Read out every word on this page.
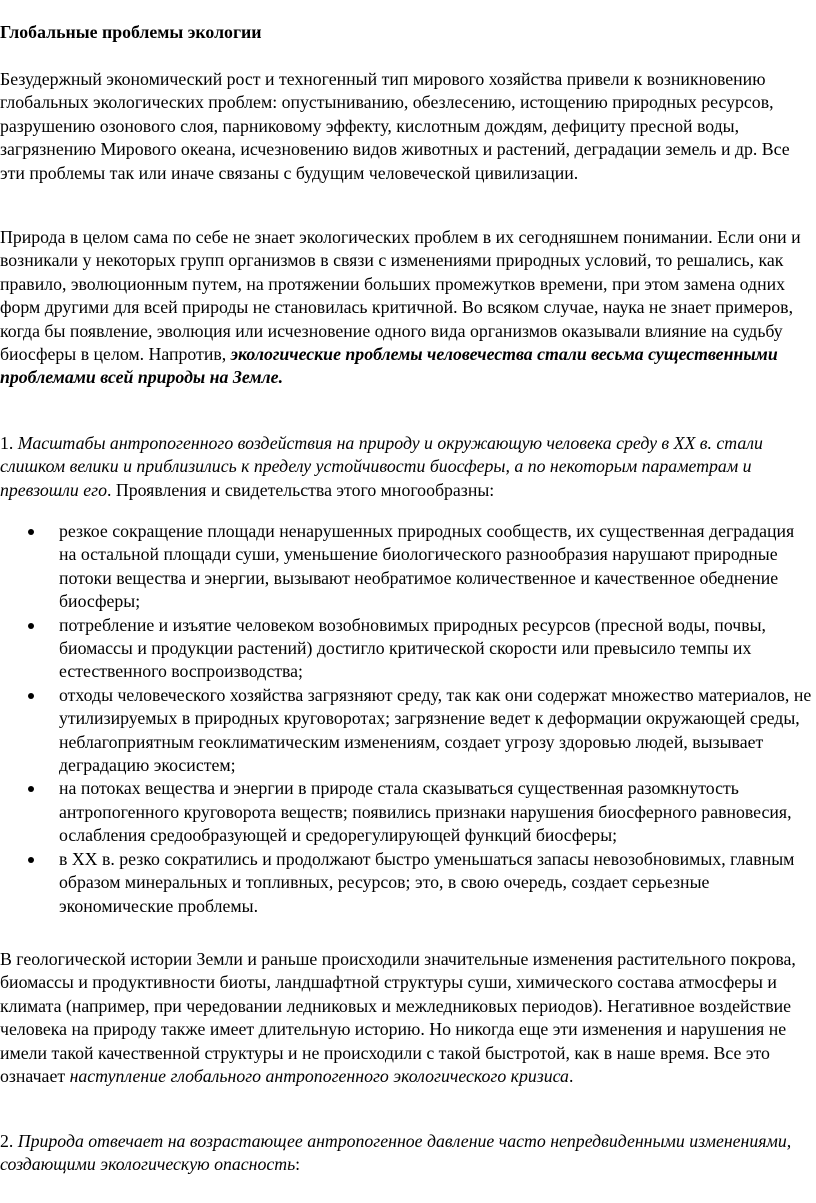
Глобальные проблемы экологии

Безудержный экономический рост и техногенный тип мирового хозяйства привели к возникновению глобальных экологических проблем: опустыниванию, обезлесению, истощению природных ресурсов, разрушению озонового слоя, парниковому эффекту, кислотным дождям, дефициту пресной воды, загрязнению Мирового океана, исчезновению видов животных и растений, деградации земель и др. Все эти проблемы так или иначе связаны с будущим человеческой цивилизации.

Природа в целом сама по себе не знает экологических проблем в их сегодняшнем понимании. Если они и возникали у некоторых групп организмов в связи с изменениями природных условий, то решались, как правило, эволюционным путем, на протяжении больших промежутков времени, при этом замена одних форм другими для всей природы не становилась критичной. Во всяком случае, наука не знает примеров, когда бы появление, эволюция или исчезновение одного вида организмов оказывали влияние на судьбу биосферы в целом. Напротив, экологические проблемы человечества стали весьма существенными проблемами всей природы на Земле.

1. Масштабы антропогенного воздействия на природу и окружающую человека среду в XX в. стали слишком велики и приблизились к пределу устойчивости биосферы, а по некоторым параметрам и превзошли его. Проявления и свидетельства этого многообразны:

резкое сокращение площади ненарушенных природных сообществ, их существенная деградация на остальной площади суши, уменьшение биологического разнообразия нарушают природные потоки вещества и энергии, вызывают необратимое количественное и качественное обеднение биосферы;
потребление и изъятие человеком возобновимых природных ресурсов (пресной воды, почвы, биомассы и продукции растений) достигло критической скорости или превысило темпы их естественного воспроизводства;
отходы человеческого хозяйства загрязняют среду, так как они содержат множество материалов, не утилизируемых в природных круговоротах; загрязнение ведет к деформации окружающей среды, неблагоприятным геоклиматическим изменениям, создает угрозу здоровью людей, вызывает деградацию экосистем;
на потоках вещества и энергии в природе стала сказываться существенная разомкнутость антропогенного круговорота веществ; появились признаки нарушения биосферного равновесия, ослабления средообразующей и средорегулирующей функций биосферы;
в XX в. резко сократились и продолжают быстро уменьшаться запасы невозобновимых, главным образом минеральных и топливных, ресурсов; это, в свою очередь, создает серьезные экономические проблемы.

В геологической истории Земли и раньше происходили значительные изменения растительного покрова, биомассы и продуктивности биоты, ландшафтной структуры суши, химического состава атмосферы и климата (например, при чередовании ледниковых и межледниковых периодов). Негативное воздействие человека на природу также имеет длительную историю. Но никогда еще эти изменения и нарушения не имели такой качественной структуры и не происходили с такой быстротой, как в наше время. Все это означает наступление глобального антропогенного экологического кризиса.

2. Природа отвечает на возрастающее антропогенное давление часто непредвиденными изменениями, создающими экологическую опасность:
